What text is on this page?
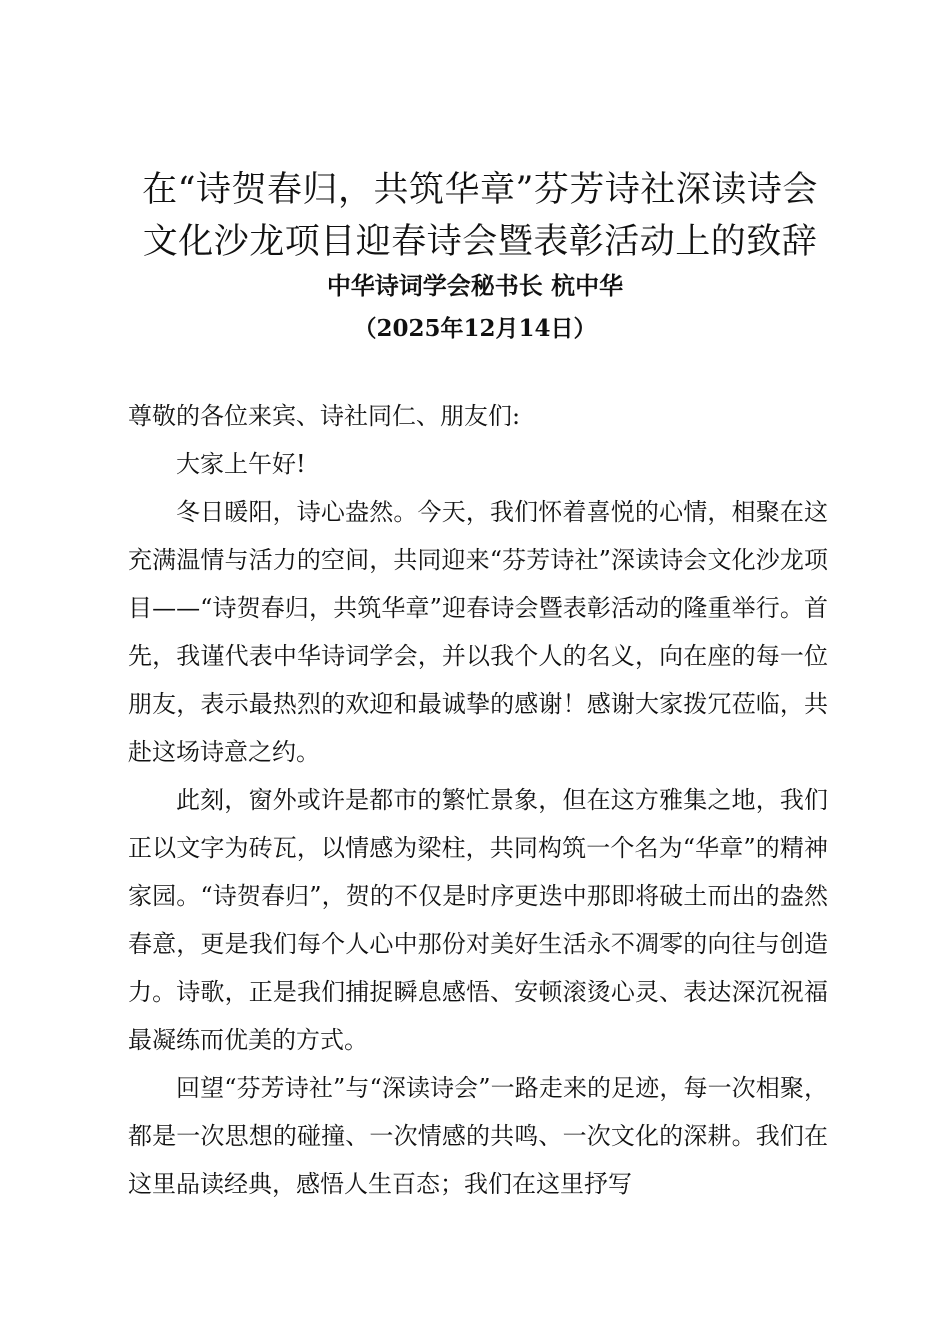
在“诗贺春归，共筑华章”芬芳诗社深读诗会
文化沙龙项目迎春诗会暨表彰活动上的致辞
中华诗词学会秘书长 杭中华
（2025年12月14日）

尊敬的各位来宾、诗社同仁、朋友们:

大家上午好!

冬日暖阳，诗心盎然。今天，我们怀着喜悦的心情，相聚在这充满温情与活力的空间，共同迎来“芬芳诗社”深读诗会文化沙龙项目——“诗贺春归，共筑华章”迎春诗会暨表彰活动的隆重举行。首先，我谨代表中华诗词学会，并以我个人的名义，向在座的每一位朋友，表示最热烈的欢迎和最诚挚的感谢！感谢大家拨冗莅临，共赴这场诗意之约。

此刻，窗外或许是都市的繁忙景象，但在这方雅集之地，我们正以文字为砖瓦，以情感为梁柱，共同构筑一个名为“华章”的精神家园。“诗贺春归”，贺的不仅是时序更迭中那即将破土而出的盎然春意，更是我们每个人心中那份对美好生活永不凋零的向往与创造力。诗歌，正是我们捕捉瞬息感悟、安顿滚烫心灵、表达深沉祝福最凝练而优美的方式。

回望“芬芳诗社”与“深读诗会”一路走来的足迹，每一次相聚，都是一次思想的碰撞、一次情感的共鸣、一次文化的深耕。我们在这里品读经典，感悟人生百态；我们在这里抒写
